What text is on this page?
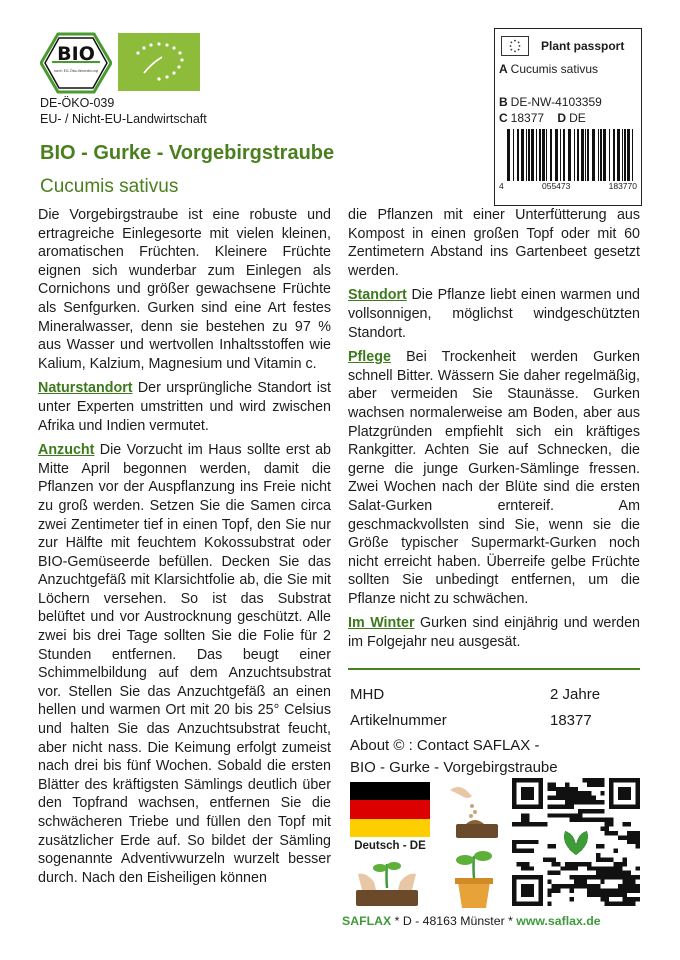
BIO
nach EG-Öko-Verordnung
DE-ÖKO-039
EU- / Nicht-EU-Landwirtschaft
Plant passport
A Cucumis sativus
B DE-NW-4103359
C 18377 D DE
4	055473	183770
BIO - Gurke - Vorgebirgstraube
Cucumis sativus

Die Vorgebirgstraube ist eine robuste und ertragreiche Einlegesorte mit vielen kleinen, aromatischen Früchten. Kleinere Früchte eignen sich wunderbar zum Einlegen als Cornichons und größer gewachsene Früchte als Senfgurken. Gurken sind eine Art festes Mineralwasser, denn sie bestehen zu 97 % aus Wasser und wertvollen Inhaltsstoffen wie Kalium, Kalzium, Magnesium und Vitamin c.

Naturstandort Der ursprüngliche Standort ist unter Experten umstritten und wird zwischen Afrika und Indien vermutet.

Anzucht Die Vorzucht im Haus sollte erst ab Mitte April begonnen werden, damit die Pflanzen vor der Auspflanzung ins Freie nicht zu groß werden. Setzen Sie die Samen circa zwei Zentimeter tief in einen Topf, den Sie nur zur Hälfte mit feuchtem Kokossubstrat oder BIO-Gemüseerde befüllen. Decken Sie das Anzuchtgefäß mit Klarsichtfolie ab, die Sie mit Löchern versehen. So ist das Substrat belüftet und vor Austrocknung geschützt. Alle zwei bis drei Tage sollten Sie die Folie für 2 Stunden entfernen. Das beugt einer Schimmelbildung auf dem Anzuchtsubstrat vor. Stellen Sie das Anzuchtgefäß an einen hellen und warmen Ort mit 20 bis 25° Celsius und halten Sie das Anzuchtsubstrat feucht, aber nicht nass. Die Keimung erfolgt zumeist nach drei bis fünf Wochen. Sobald die ersten Blätter des kräftigsten Sämlings deutlich über den Topfrand wachsen, entfernen Sie die schwächeren Triebe und füllen den Topf mit zusätzlicher Erde auf. So bildet der Sämling sogenannte Adventivwurzeln wurzelt besser durch. Nach den Eisheiligen können

die Pflanzen mit einer Unterfütterung aus Kompost in einen großen Topf oder mit 60 Zentimetern Abstand ins Gartenbeet gesetzt werden.

Standort Die Pflanze liebt einen warmen und vollsonnigen, möglichst windgeschützten Standort.

Pflege Bei Trockenheit werden Gurken schnell Bitter. Wässern Sie daher regelmäßig, aber vermeiden Sie Staunässe. Gurken wachsen normalerweise am Boden, aber aus Platzgründen empfiehlt sich ein kräftiges Rankgitter. Achten Sie auf Schnecken, die gerne die junge Gurken-Sämlinge fressen. Zwei Wochen nach der Blüte sind die ersten Salat-Gurken erntereif. Am geschmackvollsten sind Sie, wenn sie die Größe typischer Supermarkt-Gurken noch nicht erreicht haben. Überreife gelbe Früchte sollten Sie unbedingt entfernen, um die Pflanze nicht zu schwächen.

Im Winter Gurken sind einjährig und werden im Folgejahr neu ausgesät.

MHD	2 Jahre
Artikelnummer	18377
About © : Contact SAFLAX -
BIO - Gurke - Vorgebirgstraube
Deutsch - DE
SAFLAX * D - 48163 Münster * www.saflax.de
